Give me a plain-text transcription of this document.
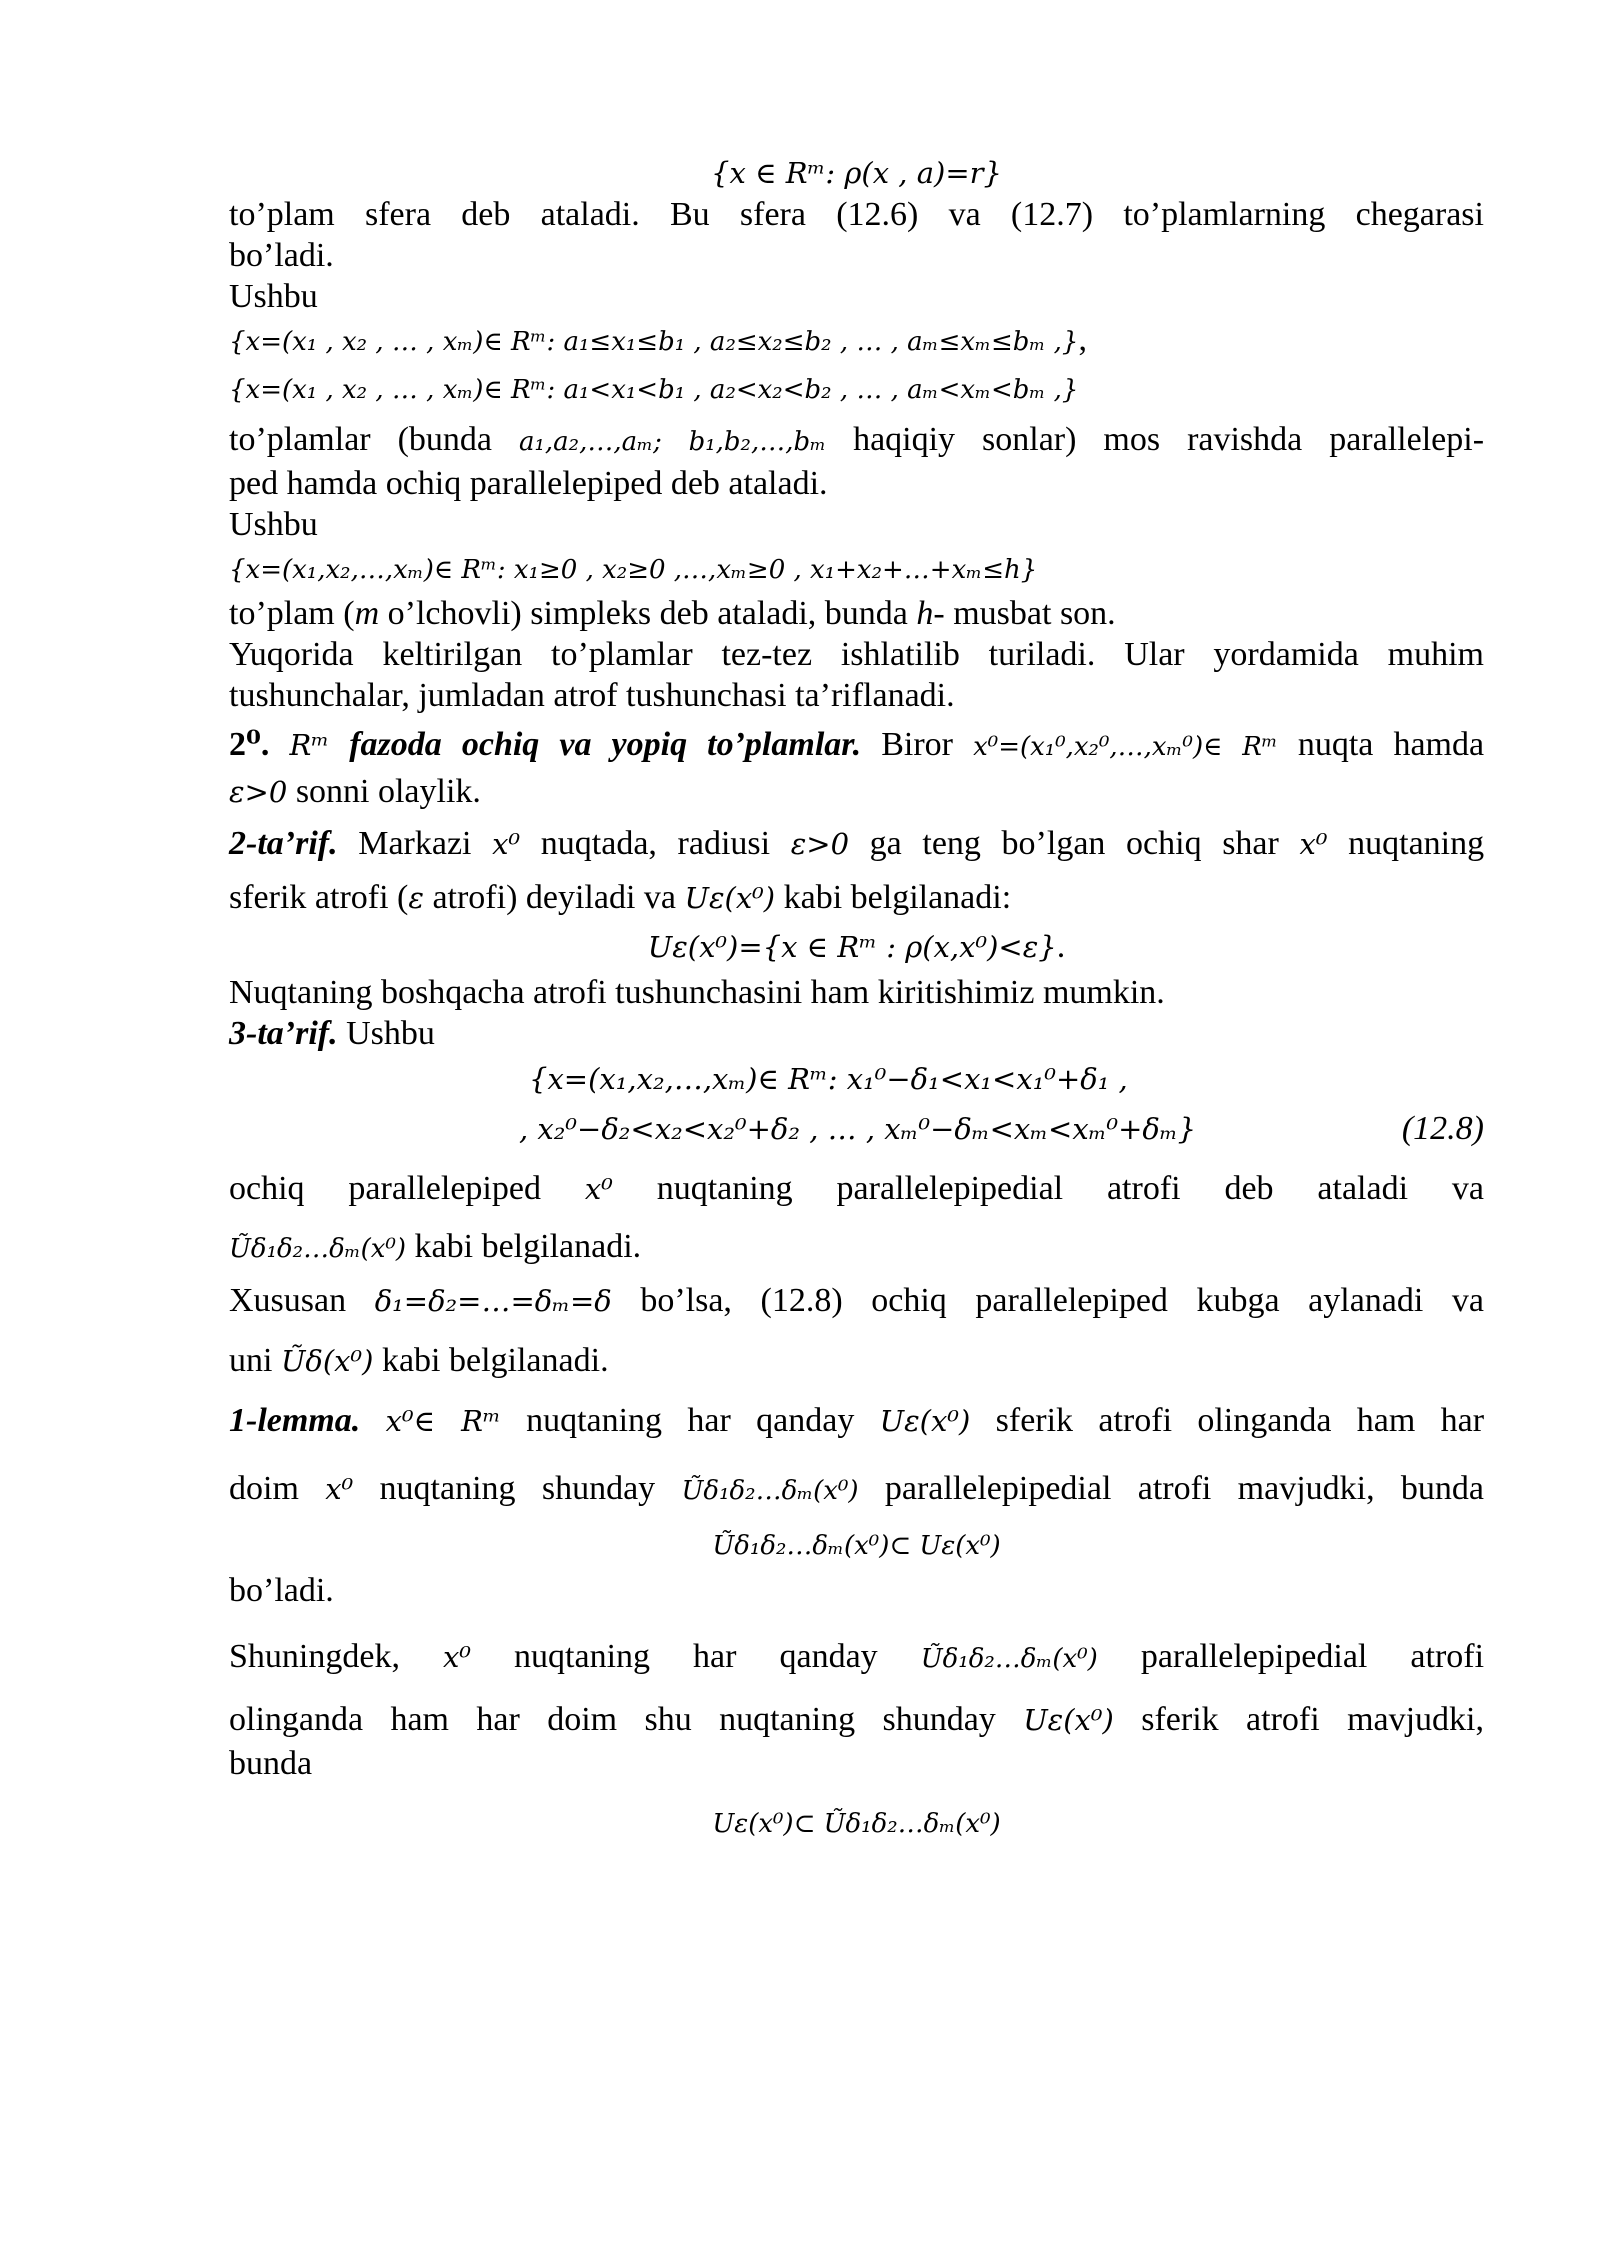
{x ∈ Rᵐ: ρ(x , a)=r}

to’plam sfera deb ataladi. Bu sfera (12.6) va (12.7) to’plamlarning chegarasi

bo’ladi.

Ushbu

{x=(x₁ , x₂ , … , xₘ)∈ Rᵐ: a₁≤x₁≤b₁ , a₂≤x₂≤b₂ , … , aₘ≤xₘ≤bₘ ,},

{x=(x₁ , x₂ , … , xₘ)∈ Rᵐ: a₁<x₁<b₁ , a₂<x₂<b₂ , … , aₘ<xₘ<bₘ ,}

to’plamlar (bunda a₁,a₂,…,aₘ; b₁,b₂,…,bₘ haqiqiy sonlar) mos ravishda parallelepi-

ped hamda ochiq parallelepiped deb ataladi.

Ushbu

{x=(x₁,x₂,…,xₘ)∈ Rᵐ: x₁≥0 , x₂≥0 ,…,xₘ≥0 , x₁+x₂+…+xₘ≤h}

to’plam (m o’lchovli) simpleks deb ataladi, bunda h- musbat son.

Yuqorida keltirilgan to’plamlar tez-tez ishlatilib turiladi. Ular yordamida muhim

tushunchalar, jumladan atrof tushunchasi ta’riflanadi.

2⁰. Rᵐ fazoda ochiq va yopiq to’plamlar. Biror x⁰=(x₁⁰,x₂⁰,…,xₘ⁰)∈ Rᵐ nuqta hamda

ε>0 sonni olaylik.

2-ta’rif. Markazi x⁰ nuqtada, radiusi ε>0 ga teng bo’lgan ochiq shar x⁰ nuqtaning

sferik atrofi (ε atrofi) deyiladi va Uε(x⁰) kabi belgilanadi:

Uε(x⁰)={x ∈ Rᵐ : ρ(x,x⁰)<ε}.

Nuqtaning boshqacha atrofi tushunchasini ham kiritishimiz mumkin.

3-ta’rif. Ushbu

{x=(x₁,x₂,…,xₘ)∈ Rᵐ: x₁⁰−δ₁<x₁<x₁⁰+δ₁ ,

, x₂⁰−δ₂<x₂<x₂⁰+δ₂ , … , xₘ⁰−δₘ<xₘ<xₘ⁰+δₘ}	(12.8)

ochiq parallelepiped x⁰ nuqtaning parallelepipedial atrofi deb ataladi va

Ũδ₁δ₂…δₘ(x⁰) kabi belgilanadi.

Xususan δ₁=δ₂=…=δₘ=δ bo’lsa, (12.8) ochiq parallelepiped kubga aylanadi va

uni Ũδ(x⁰) kabi belgilanadi.

1-lemma. x⁰∈ Rᵐ nuqtaning har qanday Uε(x⁰) sferik atrofi olinganda ham har

doim x⁰ nuqtaning shunday Ũδ₁δ₂…δₘ(x⁰) parallelepipedial atrofi mavjudki, bunda

Ũδ₁δ₂…δₘ(x⁰)⊂ Uε(x⁰)

bo’ladi.

Shuningdek, x⁰ nuqtaning har qanday Ũδ₁δ₂…δₘ(x⁰) parallelepipedial atrofi

olinganda ham har doim shu nuqtaning shunday Uε(x⁰) sferik atrofi mavjudki,

bunda

Uε(x⁰)⊂ Ũδ₁δ₂…δₘ(x⁰)
